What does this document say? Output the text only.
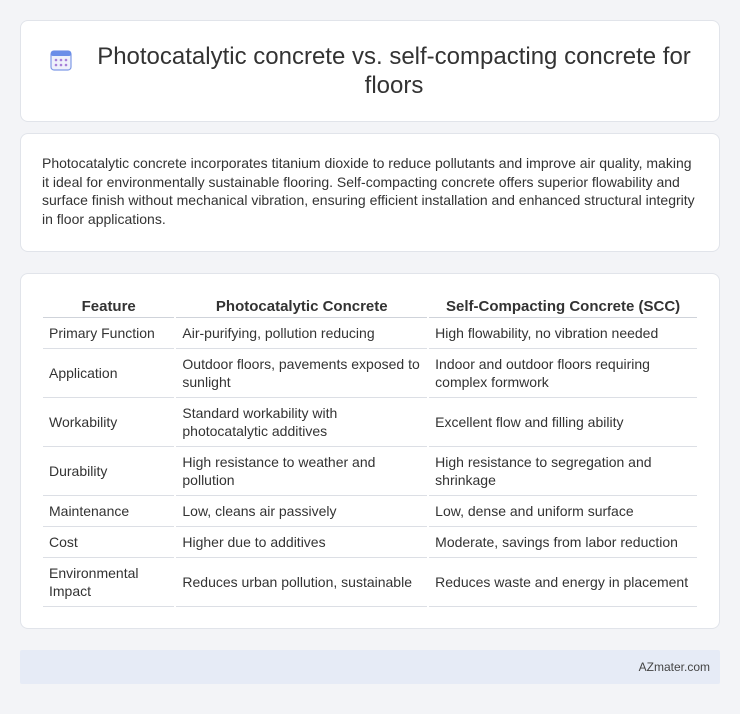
Photocatalytic concrete vs. self-compacting concrete for floors

Photocatalytic concrete incorporates titanium dioxide to reduce pollutants and improve air quality, making it ideal for environmentally sustainable flooring. Self-compacting concrete offers superior flowability and surface finish without mechanical vibration, ensuring efficient installation and enhanced structural integrity in floor applications.

Feature	Photocatalytic Concrete	Self-Compacting Concrete (SCC)
Primary Function	Air-purifying, pollution reducing	High flowability, no vibration needed
Application	Outdoor floors, pavements exposed to sunlight	Indoor and outdoor floors requiring complex formwork
Workability	Standard workability with photocatalytic additives	Excellent flow and filling ability
Durability	High resistance to weather and pollution	High resistance to segregation and shrinkage
Maintenance	Low, cleans air passively	Low, dense and uniform surface
Cost	Higher due to additives	Moderate, savings from labor reduction
Environmental Impact	Reduces urban pollution, sustainable	Reduces waste and energy in placement
AZmater.com
